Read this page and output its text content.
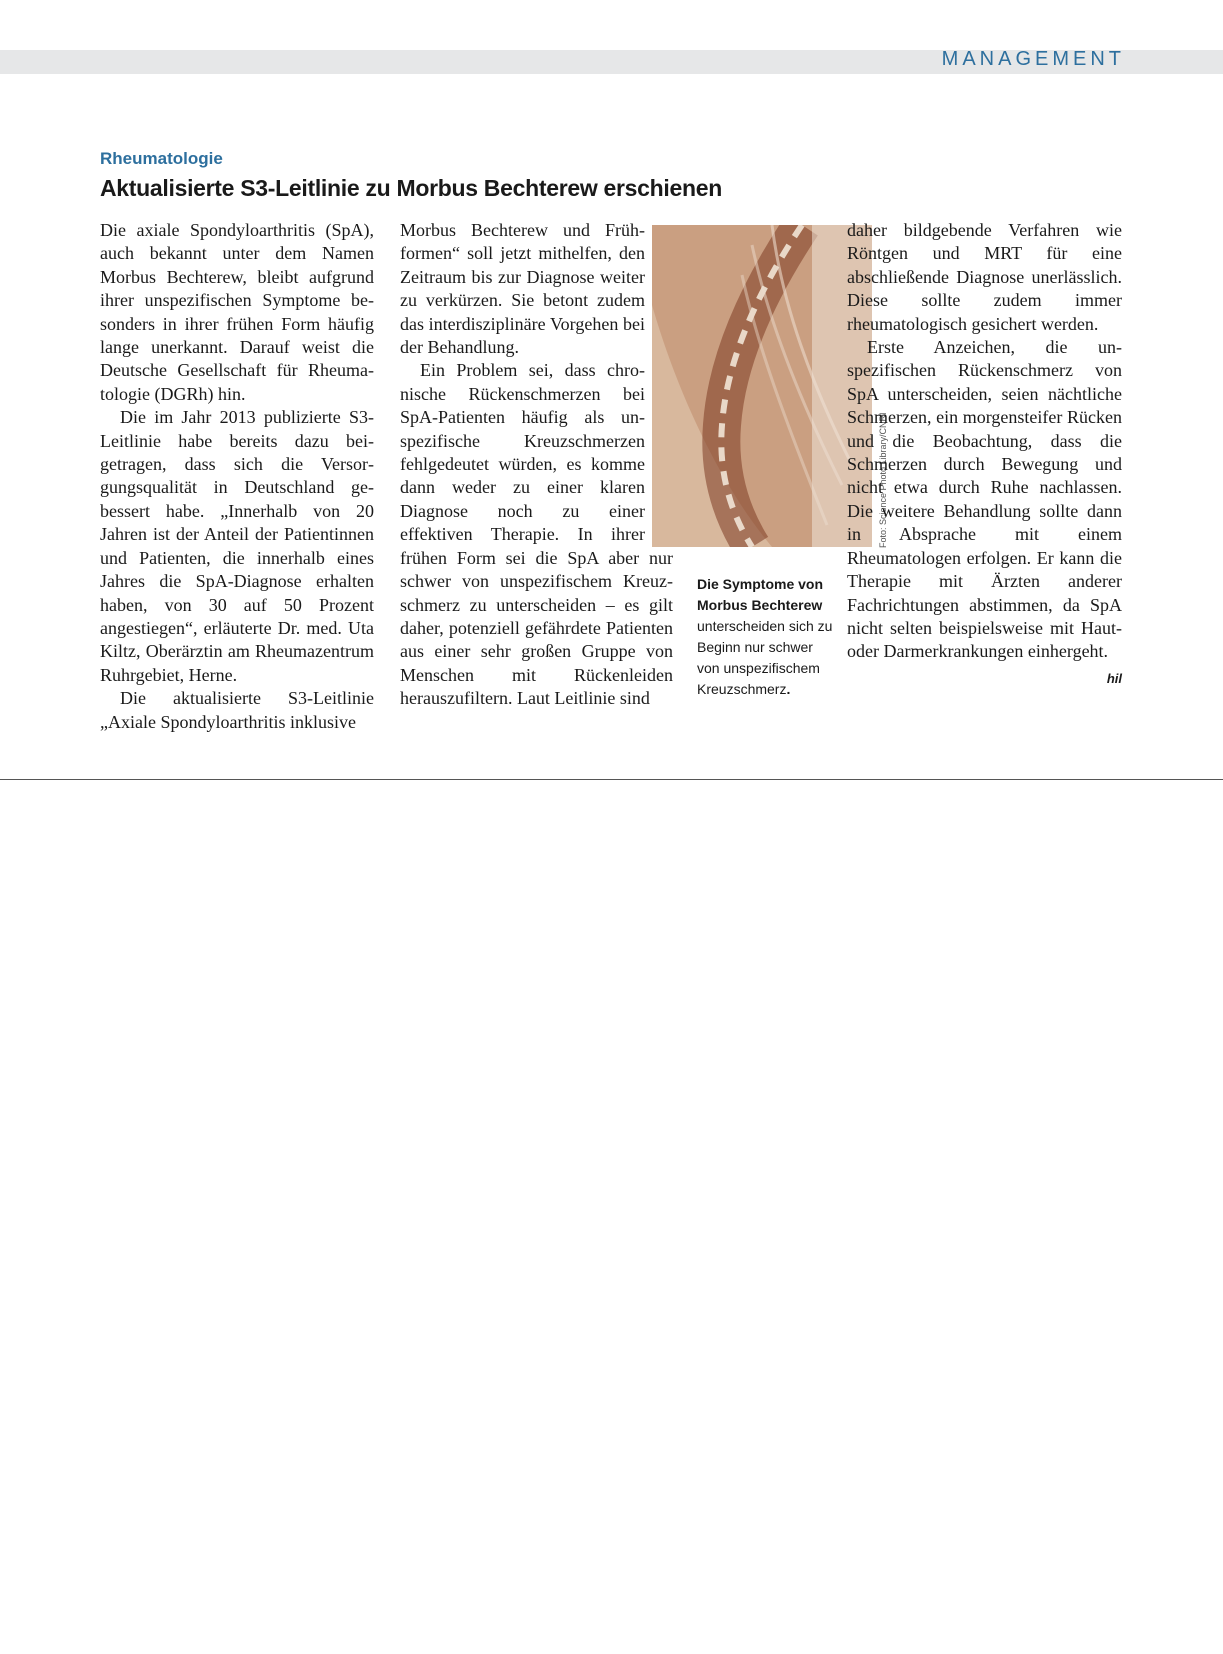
MANAGEMENT
Rheumatologie
Aktualisierte S3-Leitlinie zu Morbus Bechterew erschienen

Die axiale Spondyloarthritis (SpA), auch bekannt unter dem Namen Morbus Bechterew, bleibt aufgrund ihrer unspezifischen Symptome besonders in ihrer frühen Form häufig lange unerkannt. Darauf weist die Deutsche Gesellschaft für Rheumatologie (DGRh) hin.

Die im Jahr 2013 publizierte S3-Leitlinie habe bereits dazu beigetragen, dass sich die Versorgungsqualität in Deutschland gebessert habe. „Innerhalb von 20 Jahren ist der Anteil der Patientinnen und Patienten, die innerhalb eines Jahres die SpA-Diagnose erhalten haben, von 30 auf 50 Prozent angestiegen“, erläuterte Dr. med. Uta Kiltz, Oberärztin am Rheumazentrum Ruhrgebiet, Herne.

Die aktualisierte S3-Leitlinie „Axiale Spondyloarthritis inklusive

Morbus Bechterew und Frühformen“ soll jetzt mithelfen, den Zeitraum bis zur Diagnose weiter zu verkürzen. Sie betont zudem das interdisziplinäre Vorgehen bei der Behandlung.

Ein Problem sei, dass chronische Rückenschmerzen bei SpA-Patienten häufig als unspezifische Kreuzschmerzen fehlgedeutet würden, es komme dann weder zu einer klaren Diagnose noch zu einer effektiven Therapie. In ihrer frühen Form sei die SpA aber nur schwer von unspezifischem Kreuzschmerz zu unterscheiden – es gilt daher, potenziell gefährdete Patienten aus einer sehr großen Gruppe von Menschen mit Rückenleiden herauszufiltern. Laut Leitlinie sind

Foto: Science Photo Library/CNRI
Die Symptome von Morbus Bechterew unterscheiden sich zu Beginn nur schwer von unspezifischem Kreuzschmerz.

daher bildgebende Verfahren wie Röntgen und MRT für eine abschließende Diagnose unerlässlich. Diese sollte zudem immer rheumatologisch gesichert werden.

Erste Anzeichen, die unspezifischen Rückenschmerz von SpA unterscheiden, seien nächtliche Schmerzen, ein morgensteifer Rücken und die Beobachtung, dass die Schmerzen durch Bewegung und nicht etwa durch Ruhe nachlassen. Die weitere Behandlung sollte dann in Absprache mit einem Rheumatologen erfolgen. Er kann die Therapie mit Ärzten anderer Fachrichtungen abstimmen, da SpA nicht selten beispielsweise mit Haut- oder Darmerkrankungen einhergeht.
hil
